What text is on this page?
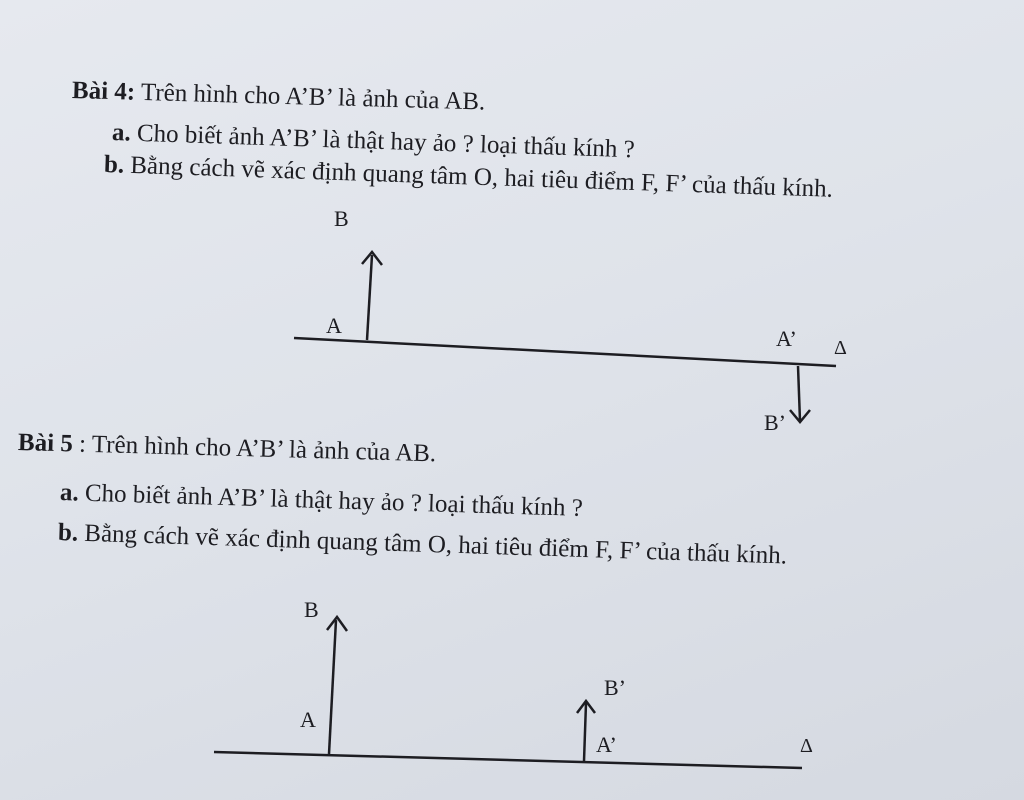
Bài 4: Trên hình cho A’B’ là ảnh của AB.
a. Cho biết ảnh A’B’ là thật hay ảo ? loại thấu kính ?
b. Bằng cách vẽ xác định quang tâm O, hai tiêu điểm F, F’ của thấu kính.
B
A
A’
B’
Δ
Bài 5 : Trên hình cho A’B’ là ảnh của AB.
a. Cho biết ảnh A’B’ là thật hay ảo ? loại thấu kính ?
b. Bằng cách vẽ xác định quang tâm O, hai tiêu điểm F, F’ của thấu kính.
B
A
B’
A’	Δ
